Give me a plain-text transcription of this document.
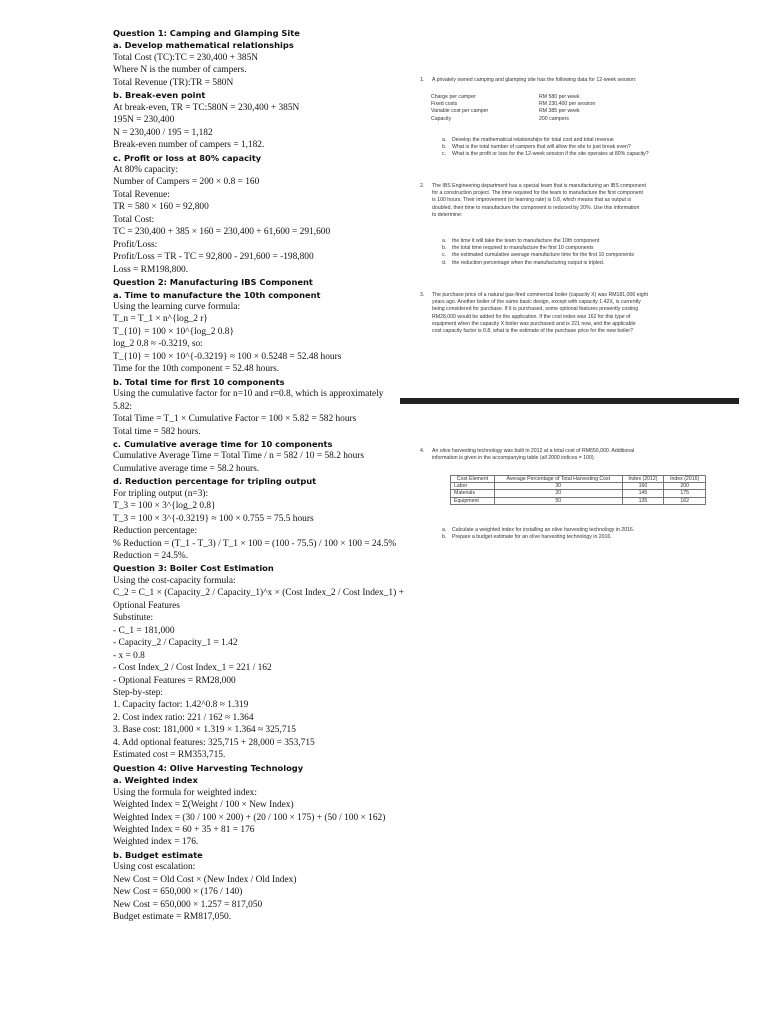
Question 1: Camping and Glamping Site
a. Develop mathematical relationships
Total Cost (TC):TC = 230,400 + 385N
Where N is the number of campers.
Total Revenue (TR):TR = 580N
b. Break-even point
At break-even, TR = TC:580N = 230,400 + 385N
195N = 230,400
N = 230,400 / 195 = 1,182
Break-even number of campers = 1,182.
c. Profit or loss at 80% capacity
At 80% capacity:
Number of Campers = 200 × 0.8 = 160
Total Revenue:
TR = 580 × 160 = 92,800
Total Cost:
TC = 230,400 + 385 × 160 = 230,400 + 61,600 = 291,600
Profit/Loss:
Profit/Loss = TR - TC = 92,800 - 291,600 = -198,800
Loss = RM198,800.
Question 2: Manufacturing IBS Component
a. Time to manufacture the 10th component
Using the learning curve formula:
T_n = T_1 × n^{log_2 r}
T_{10} = 100 × 10^{log_2 0.8}
log_2 0.8 ≈ -0.3219, so:
T_{10} = 100 × 10^{-0.3219} ≈ 100 × 0.5248 = 52.48 hours
Time for the 10th component = 52.48 hours.
b. Total time for first 10 components
Using the cumulative factor for n=10 and r=0.8, which is approximately
5.82:
Total Time = T_1 × Cumulative Factor = 100 × 5.82 = 582 hours
Total time = 582 hours.
c. Cumulative average time for 10 components
Cumulative Average Time = Total Time / n = 582 / 10 = 58.2 hours
Cumulative average time = 58.2 hours.
d. Reduction percentage for tripling output
For tripling output (n=3):
T_3 = 100 × 3^{log_2 0.8}
T_3 = 100 × 3^{-0.3219} ≈ 100 × 0.755 = 75.5 hours
Reduction percentage:
% Reduction = (T_1 - T_3) / T_1 × 100 = (100 - 75.5) / 100 × 100 = 24.5%
Reduction = 24.5%.
Question 3: Boiler Cost Estimation
Using the cost-capacity formula:
C_2 = C_1 × (Capacity_2 / Capacity_1)^x × (Cost Index_2 / Cost Index_1) +
Optional Features
Substitute:
- C_1 = 181,000
- Capacity_2 / Capacity_1 = 1.42
- x = 0.8
- Cost Index_2 / Cost Index_1 = 221 / 162
- Optional Features = RM28,000
Step-by-step:
1. Capacity factor: 1.42^0.8 ≈ 1.319
2. Cost index ratio: 221 / 162 ≈ 1.364
3. Base cost: 181,000 × 1.319 × 1.364 ≈ 325,715
4. Add optional features: 325,715 + 28,000 = 353,715
Estimated cost = RM353,715.
Question 4: Olive Harvesting Technology
a. Weighted index
Using the formula for weighted index:
Weighted Index = Σ(Weight / 100 × New Index)
Weighted Index = (30 / 100 × 200) + (20 / 100 × 175) + (50 / 100 × 162)
Weighted Index = 60 + 35 + 81 = 176
Weighted index = 176.
b. Budget estimate
Using cost escalation:
New Cost = Old Cost × (New Index / Old Index)
New Cost = 650,000 × (176 / 140)
New Cost = 650,000 × 1.257 = 817,050
Budget estimate = RM817,050.
1. A privately owned camping and glamping site has the following data for 12-week session:
Charge per camper	RM 580 per week
Fixed costs	RM 230,400 per session
Variable cost per camper	RM 385 per week
Capacity	200 campers
a. Develop the mathematical relationships for total cost and total revenue
b. What is the total number of campers that will allow the site to just break even?
c. What is the profit or loss for the 12-week session if the site operates at 80% capacity?
2. The IBS Engineering department has a special team that is manufacturing an IBS component
for a construction project. The time required for the team to manufacture the first component
is 100 hours. Their improvement (or learning rate) is 0.8, which means that as output is
doubled, their time to manufacture the component is reduced by 20%. Use this information
to determine:
a. the time it will take the team to manufacture the 10th component
b. the total time required to manufacture the first 10 components
c. the estimated cumulative average manufacture time for the first 10 components
d. the reduction percentage when the manufacturing output is tripled.
3. The purchase price of a natural gas-fired commercial boiler (capacity X) was RM181,000 eight
years ago. Another boiler of the same basic design, except with capacity 1.42X, is currently
being considered for purchase. If it is purchased, some optional features presently costing
RM28,000 would be added for the application. If the cost index was 162 for this type of
equipment when the capacity X boiler was purchased and is 221 now, and the applicable
cost capacity factor is 0.8, what is the estimate of the purchase price for the new boiler?
4. An olive harvesting technology was built in 2012 at a total cost of RM650,000. Additional
information is given in the accompanying table (all 2000 indices = 100).
Cost Element	Average Percentage of Total Harvesting Cost	Index (2012)	Index (2016)
Labor	30	160	200
Materials	20	145	175
Equipment	50	135	162
a. Calculate a weighted index for installing an olive harvesting technology in 2016.
b. Prepare a budget estimate for an olive harvesting technology in 2016.
